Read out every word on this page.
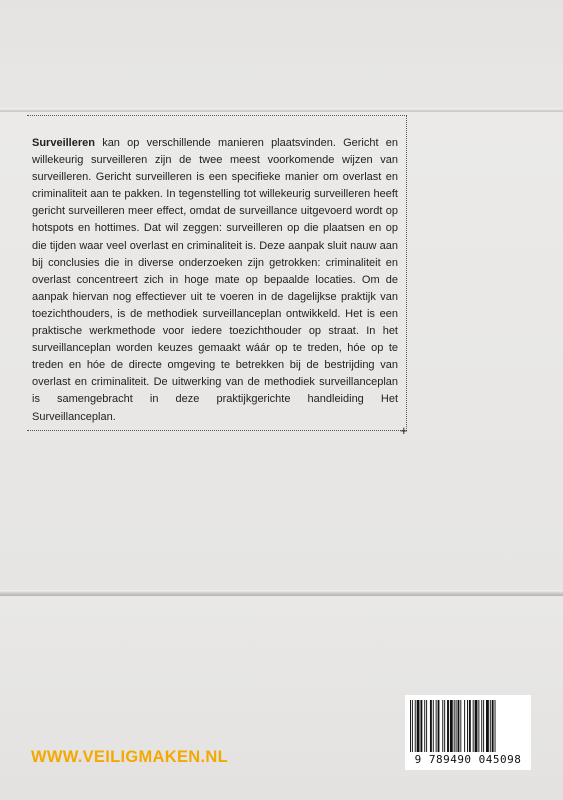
+
Surveilleren kan op verschillende manieren plaatsvinden. Gericht en willekeurig surveilleren zijn de twee meest voorkomende wijzen van surveilleren. Gericht surveilleren is een specifieke manier om overlast en criminaliteit aan te pakken. In tegenstelling tot willekeurig surveilleren heeft gericht surveilleren meer effect, omdat de surveillance uitgevoerd wordt op hotspots en hottimes. Dat wil zeggen: surveilleren op die plaatsen en op die tijden waar veel overlast en criminaliteit is. Deze aanpak sluit nauw aan bij conclusies die in diverse onderzoeken zijn getrokken: criminaliteit en overlast concentreert zich in hoge mate op bepaalde locaties. Om de aanpak hiervan nog effectiever uit te voeren in de dagelijkse praktijk van toezichthouders, is de methodiek surveillanceplan ontwikkeld. Het is een praktische werkmethode voor iedere toezichthouder op straat. In het surveillanceplan worden keuzes gemaakt wáár op te treden, hóe op te treden en hóe de directe omgeving te betrekken bij de bestrijding van overlast en criminaliteit. De uitwerking van de methodiek surveillanceplan is samengebracht in deze praktijkgerichte handleiding Het Surveillanceplan.
WWW.VEILIGMAKEN.NL	9 789490 045098
